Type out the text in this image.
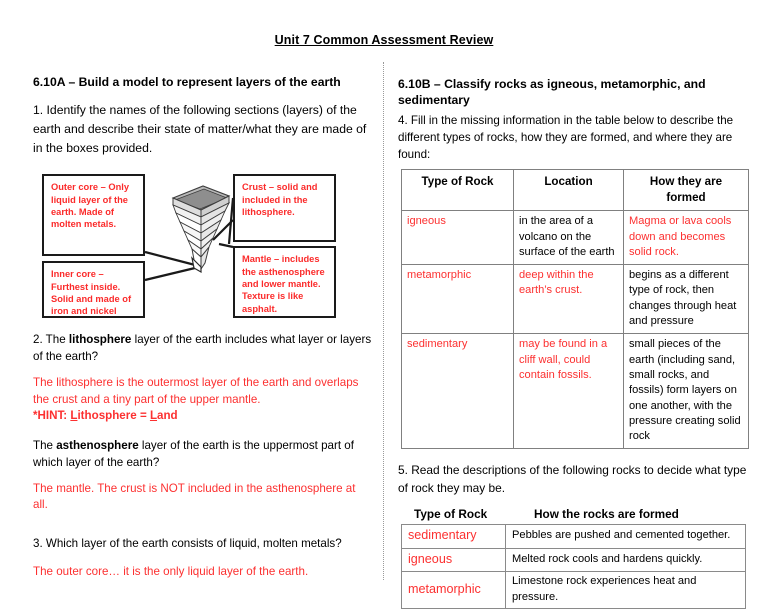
Unit 7 Common Assessment Review
6.10A – Build a model to represent layers of the earth
1. Identify the names of the following sections (layers) of the earth and describe their state of matter/what they are made of in the boxes provided.
Outer core – Only liquid layer of the earth. Made of molten metals.
Inner core – Furthest inside. Solid and made of iron and nickel
Crust – solid and included in the lithosphere.
Mantle – includes the asthenosphere and lower mantle. Texture is like asphalt.
2. The lithosphere layer of the earth includes what layer or layers of the earth?
The lithosphere is the outermost layer of the earth and overlaps the crust and a tiny part of the upper mantle.
*HINT: Lithosphere = Land
The asthenosphere layer of the earth is the uppermost part of which layer of the earth?
The mantle. The crust is NOT included in the asthenosphere at all.
3. Which layer of the earth consists of liquid, molten metals?
The outer core… it is the only liquid layer of the earth.
6.10B – Classify rocks as igneous, metamorphic, and sedimentary
4. Fill in the missing information in the table below to describe the different types of rocks, how they are formed, and where they are found:
Type of Rock	Location	How they are formed
igneous	in the area of a volcano on the surface of the earth	Magma or lava cools down and becomes solid rock.
metamorphic	deep within the earth’s crust.	begins as a different type of rock, then changes through heat and pressure
sedimentary	may be found in a cliff wall, could contain fossils.	small pieces of the earth (including sand, small rocks, and fossils) form layers on one another, with the pressure creating solid rock
5. Read the descriptions of the following rocks to decide what type of rock they may be.
Type of Rock	How the rocks are formed
sedimentary	Pebbles are pushed and cemented together.
igneous	Melted rock cools and hardens quickly.
metamorphic	Limestone rock experiences heat and pressure.
